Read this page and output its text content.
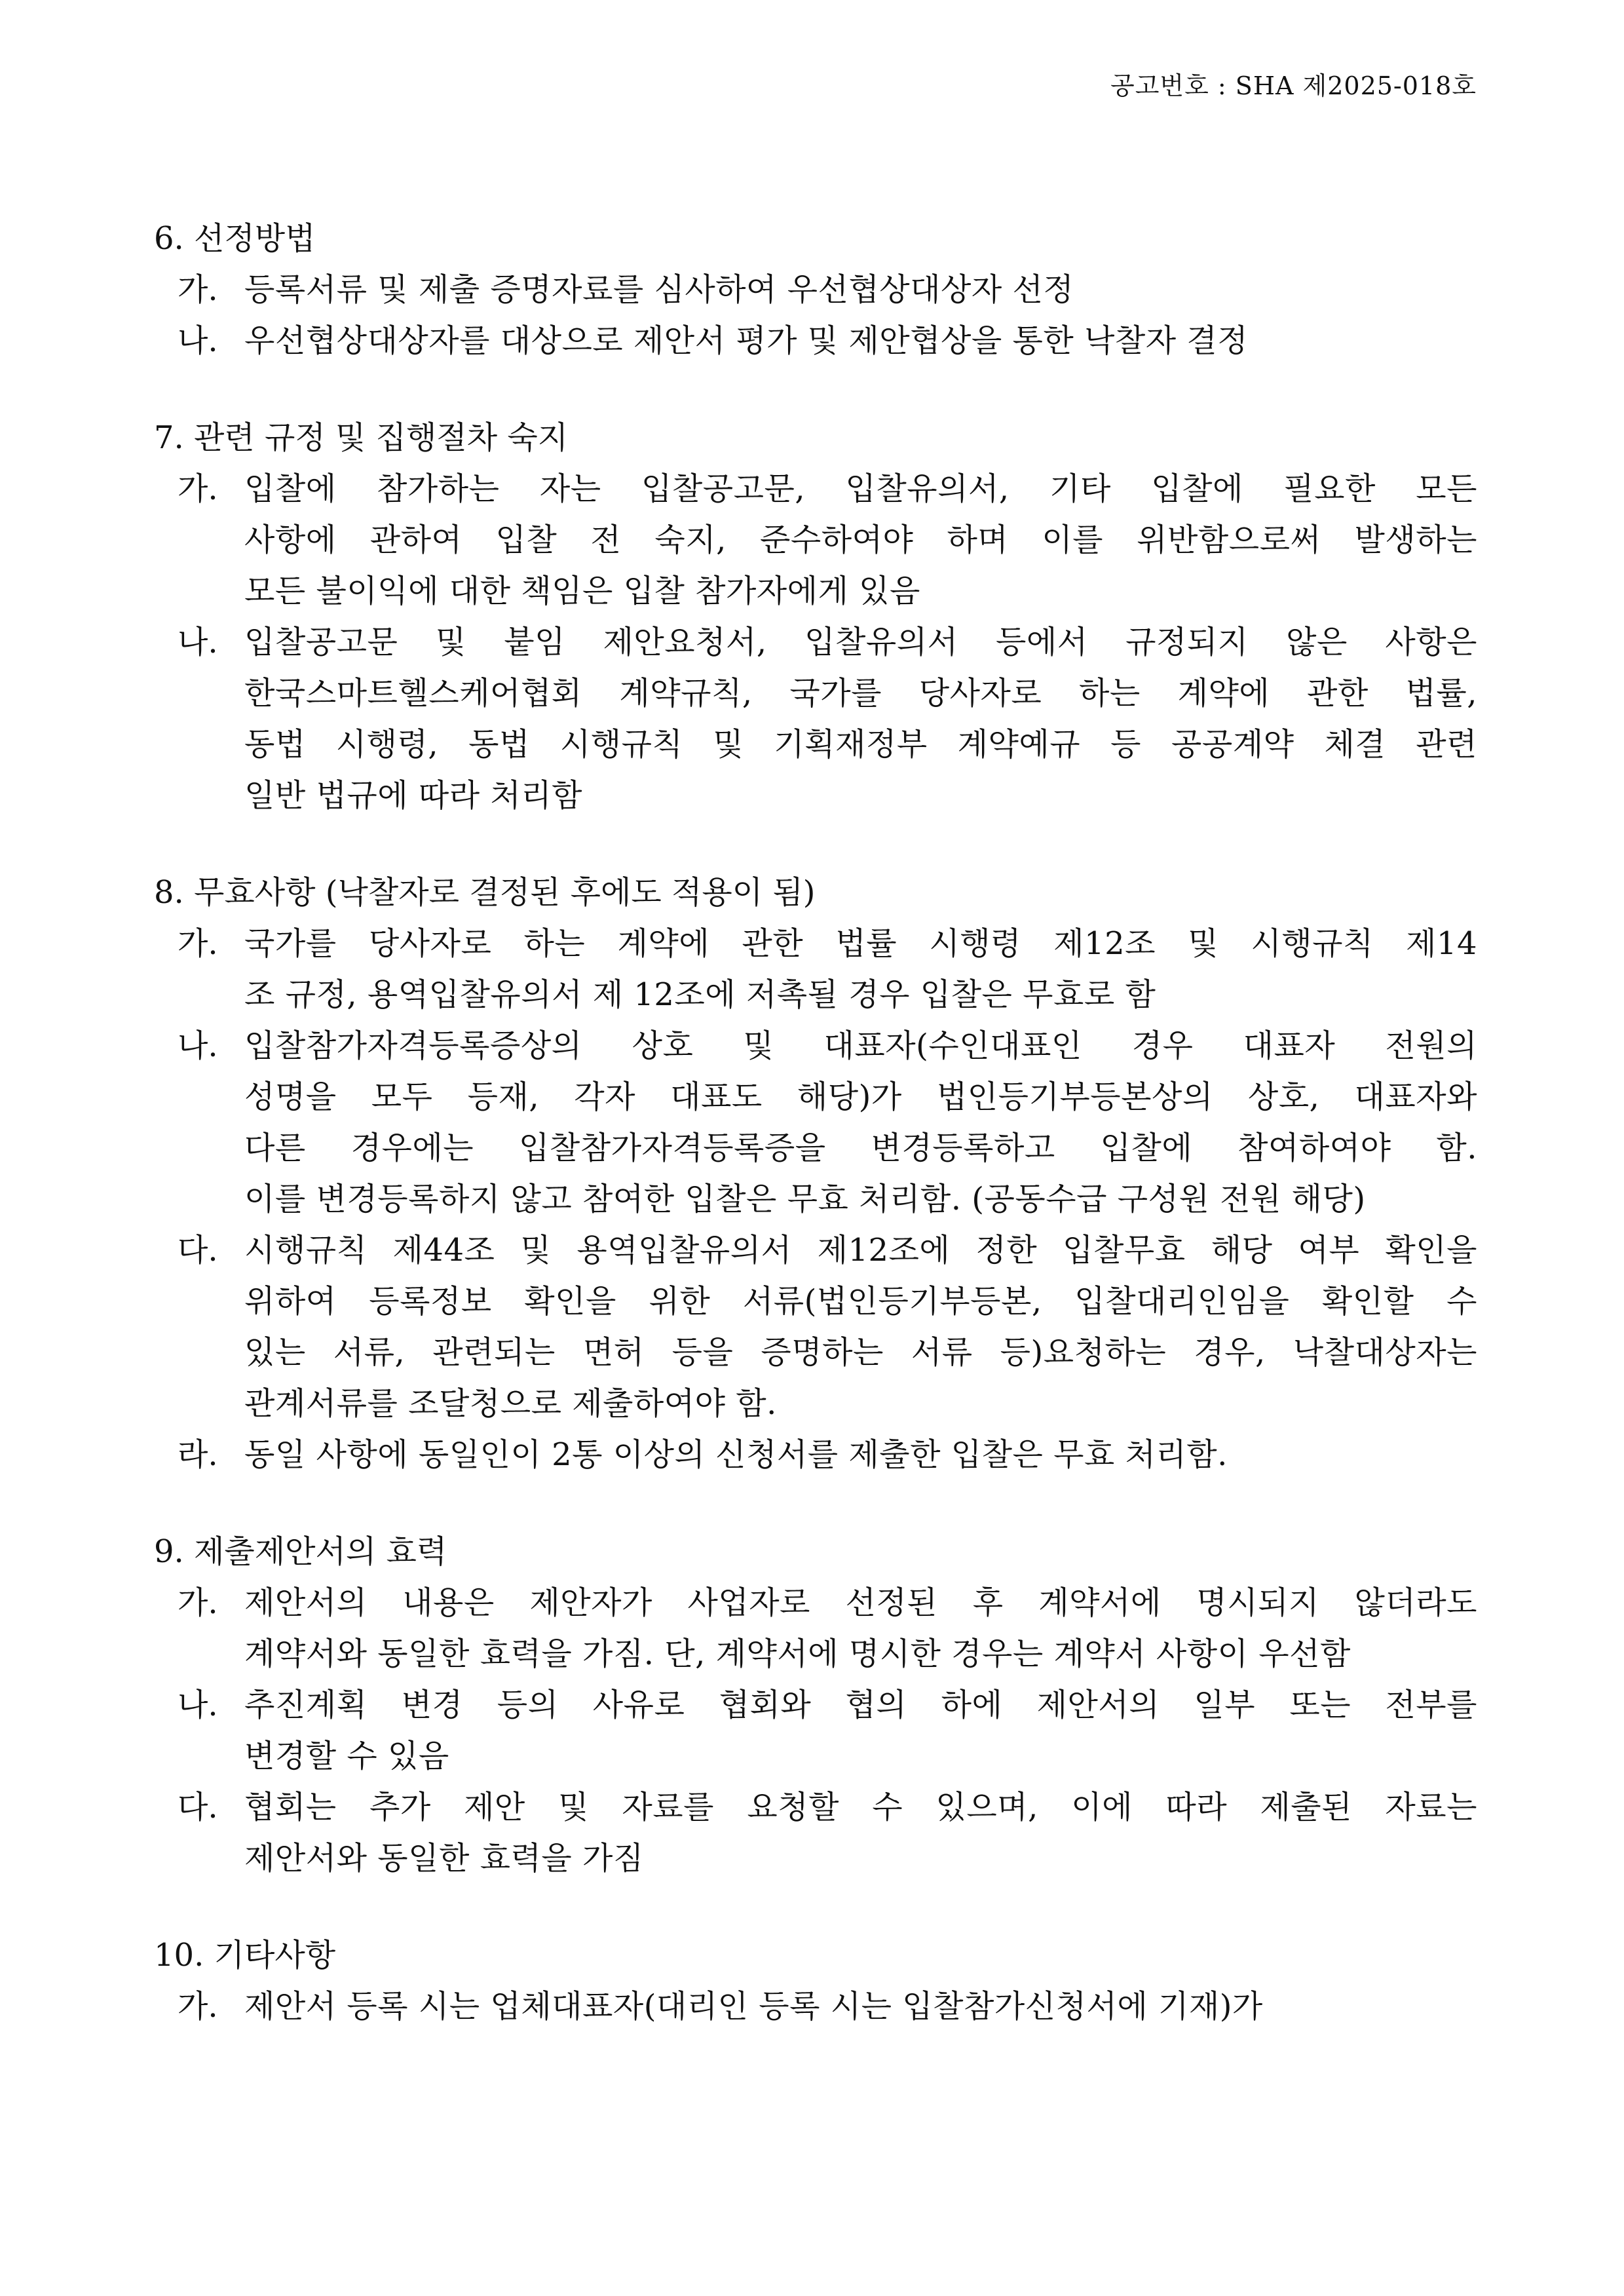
공고번호 : SHA 제2025-018호
6. 선정방법
가. 등록서류 및 제출 증명자료를 심사하여 우선협상대상자 선정
나. 우선협상대상자를 대상으로 제안서 평가 및 제안협상을 통한 낙찰자 결정
7. 관련 규정 및 집행절차 숙지
가. 입찰에 참가하는 자는 입찰공고문, 입찰유의서, 기타 입찰에 필요한 모든
사항에 관하여 입찰 전 숙지, 준수하여야 하며 이를 위반함으로써 발생하는
모든 불이익에 대한 책임은 입찰 참가자에게 있음
나. 입찰공고문 및 붙임 제안요청서, 입찰유의서 등에서 규정되지 않은 사항은
한국스마트헬스케어협회 계약규칙, 국가를 당사자로 하는 계약에 관한 법률,
동법 시행령, 동법 시행규칙 및 기획재정부 계약예규 등 공공계약 체결 관련
일반 법규에 따라 처리함
8. 무효사항 (낙찰자로 결정된 후에도 적용이 됨)
가. 국가를 당사자로 하는 계약에 관한 법률 시행령 제12조 및 시행규칙 제14
조 규정, 용역입찰유의서 제 12조에 저촉될 경우 입찰은 무효로 함
나. 입찰참가자격등록증상의 상호 및 대표자(수인대표인 경우 대표자 전원의
성명을 모두 등재, 각자 대표도 해당)가 법인등기부등본상의 상호, 대표자와
다른 경우에는 입찰참가자격등록증을 변경등록하고 입찰에 참여하여야 함.
이를 변경등록하지 않고 참여한 입찰은 무효 처리함. (공동수급 구성원 전원 해당)
다. 시행규칙 제44조 및 용역입찰유의서 제12조에 정한 입찰무효 해당 여부 확인을
위하여 등록정보 확인을 위한 서류(법인등기부등본, 입찰대리인임을 확인할 수
있는 서류, 관련되는 면허 등을 증명하는 서류 등)요청하는 경우, 낙찰대상자는
관계서류를 조달청으로 제출하여야 함.
라. 동일 사항에 동일인이 2통 이상의 신청서를 제출한 입찰은 무효 처리함.
9. 제출제안서의 효력
가. 제안서의 내용은 제안자가 사업자로 선정된 후 계약서에 명시되지 않더라도
계약서와 동일한 효력을 가짐. 단, 계약서에 명시한 경우는 계약서 사항이 우선함
나. 추진계획 변경 등의 사유로 협회와 협의 하에 제안서의 일부 또는 전부를
변경할 수 있음
다. 협회는 추가 제안 및 자료를 요청할 수 있으며, 이에 따라 제출된 자료는
제안서와 동일한 효력을 가짐
10. 기타사항
가. 제안서 등록 시는 업체대표자(대리인 등록 시는 입찰참가신청서에 기재)가
